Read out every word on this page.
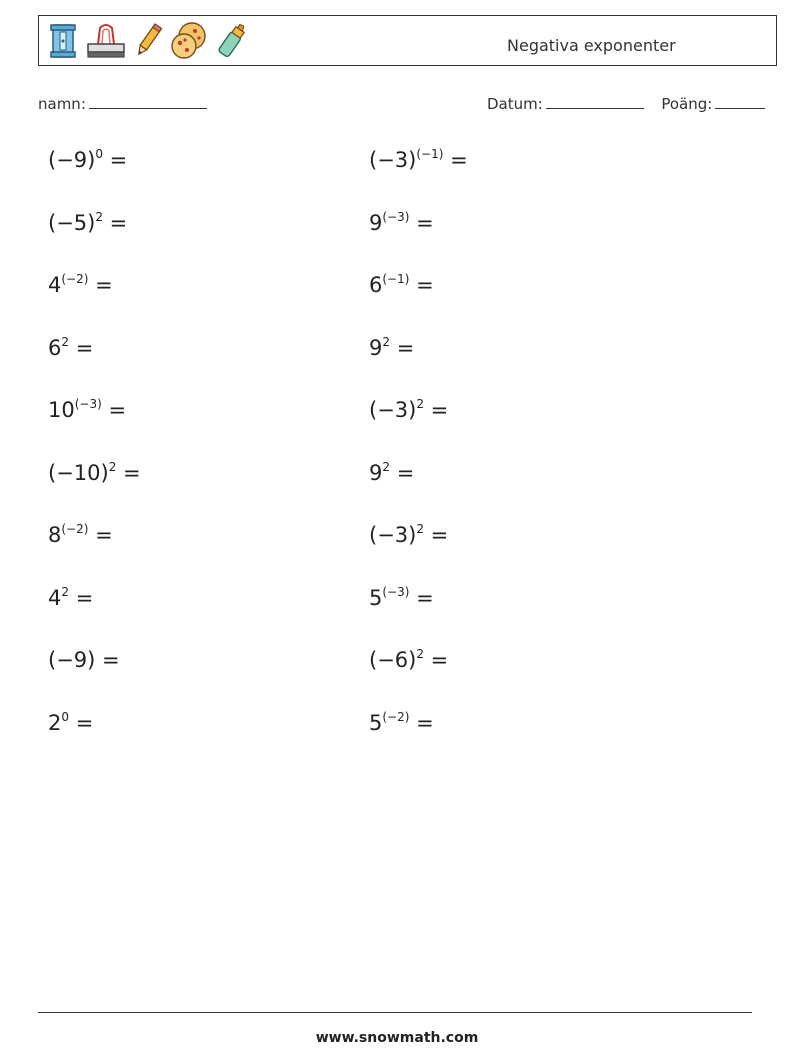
Negativa exponenter
namn:	Datum:	Poäng:
$(-9)^0$ =	$(-3)^{(-1)}$ =
$(-5)^2$ =	$9^{(-3)}$ =
$4^{(-2)}$ =	$6^{(-1)}$ =
$6^2$ =	$9^2$ =
$10^{(-3)}$ =	$(-3)^2$ =
$(-10)^2$ =	$9^2$ =
$8^{(-2)}$ =	$(-3)^2$ =
$4^2$ =	$5^{(-3)}$ =
(−9) =	$(-6)^2$ =
$2^0$ =	$5^{(-2)}$ =
www.snowmath.com
